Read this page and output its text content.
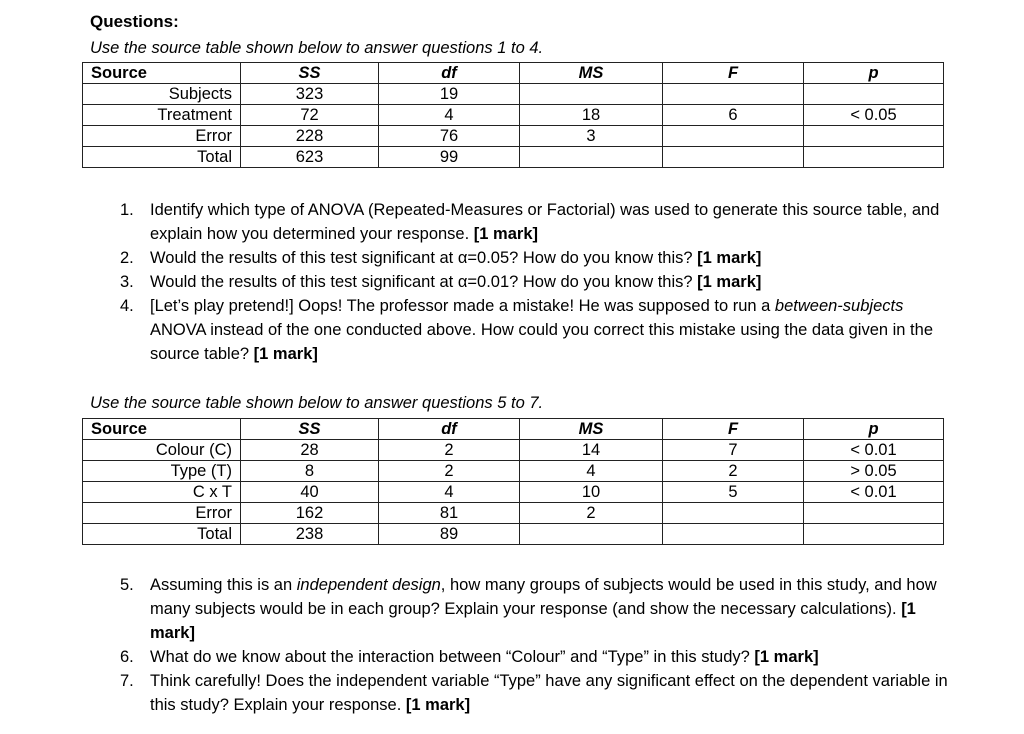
Questions:
Use the source table shown below to answer questions 1 to 4.
Source	SS	df	MS	F	p
Subjects	323	19			
Treatment	72	4	18	6	< 0.05
Error	228	76	3		
Total	623	99			
1. Identify which type of ANOVA (Repeated-Measures or Factorial) was used to generate this source table, and explain how you determined your response. [1 mark]
2. Would the results of this test significant at α=0.05? How do you know this? [1 mark]
3. Would the results of this test significant at α=0.01? How do you know this? [1 mark]
4. [Let’s play pretend!] Oops! The professor made a mistake! He was supposed to run a between-subjects ANOVA instead of the one conducted above. How could you correct this mistake using the data given in the source table? [1 mark]
Use the source table shown below to answer questions 5 to 7.
Source	SS	df	MS	F	p
Colour (C)	28	2	14	7	< 0.01
Type (T)	8	2	4	2	> 0.05
C x T	40	4	10	5	< 0.01
Error	162	81	2		
Total	238	89			
5. Assuming this is an independent design, how many groups of subjects would be used in this study, and how many subjects would be in each group? Explain your response (and show the necessary calculations). [1 mark]
6. What do we know about the interaction between “Colour” and “Type” in this study? [1 mark]
7. Think carefully! Does the independent variable “Type” have any significant effect on the dependent variable in this study? Explain your response. [1 mark]
